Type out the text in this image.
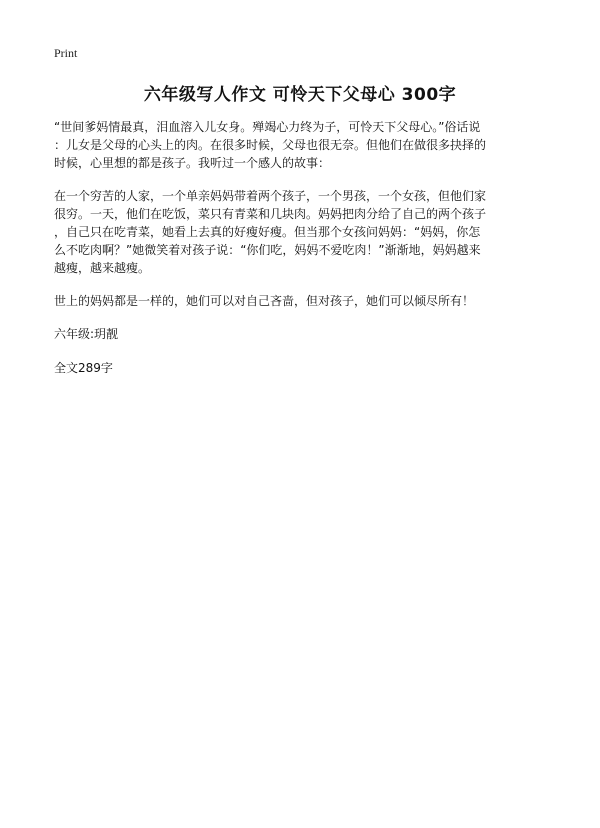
Print
六年级写人作文 可怜天下父母心 300字

“世间爹妈情最真，泪血溶入儿女身。殚竭心力终为子，可怜天下父母心。”俗话说
：儿女是父母的心头上的肉。在很多时候，父母也很无奈。但他们在做很多抉择的
时候，心里想的都是孩子。我听过一个感人的故事：

在一个穷苦的人家，一个单亲妈妈带着两个孩子，一个男孩，一个女孩，但他们家
很穷。一天，他们在吃饭，菜只有青菜和几块肉。妈妈把肉分给了自己的两个孩子
，自己只在吃青菜，她看上去真的好瘦好瘦。但当那个女孩问妈妈：“妈妈，你怎
么不吃肉啊？”她微笑着对孩子说：“你们吃，妈妈不爱吃肉！”渐渐地，妈妈越来
越瘦，越来越瘦。

世上的妈妈都是一样的，她们可以对自己吝啬，但对孩子，她们可以倾尽所有！

六年级:玥靓

全文289字
